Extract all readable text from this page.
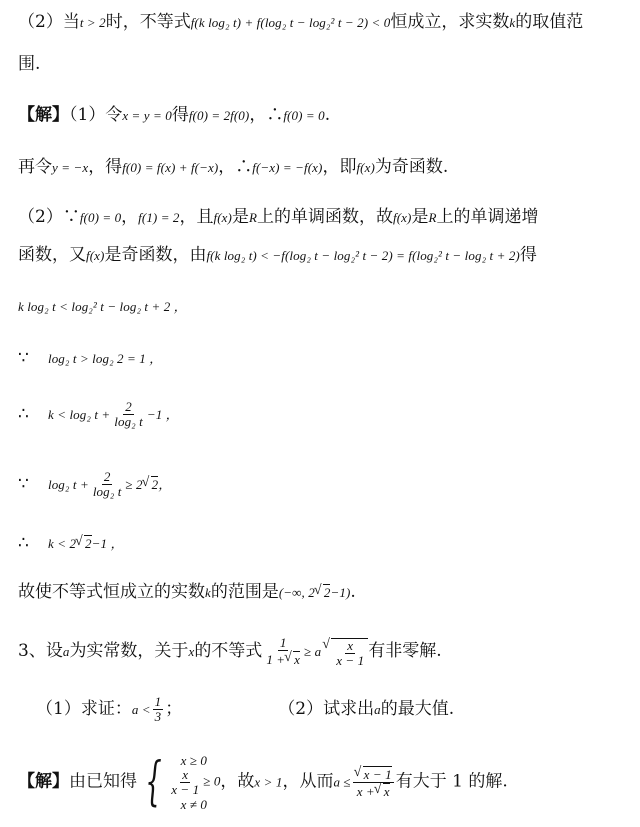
（2）当t > 2时，不等式f(k log₂ t) + f(log₂ t − log₂² t − 2) < 0恒成立，求实数k的取值范
围.
【解】（1）令x = y = 0得f(0) = 2f(0)，∴f(0) = 0.
再令y = −x，得f(0) = f(x) + f(−x)，∴f(−x) = −f(x)，即f(x)为奇函数.
（2）∵f(0) = 0，f(1) = 2，且f(x)是R上的单调函数，故f(x)是R上的单调递增
函数，又f(x)是奇函数，由f(k log₂ t) < −f(log₂ t − log₂² t − 2) = f(log₂² t − log₂ t + 2)得
k log₂ t < log₂² t − log₂ t + 2 ，
∵ log₂ t > log₂ 2 = 1 ，
∴ k < log₂ $t + \frac{2}{\text{log₂ t}} -1$ ，
∵ log₂ $t + \frac{2}{\text{log₂ t}} \ge 2√$ 2，
∴ k < 2√ 2−1 ，
故使不等式恒成立的实数k的范围是(−∞, 2√ 2−1).
3、设a为实常数，关于x的不等式 $\frac{1}{1 +√ x} \ge a$
√ $\frac{x}{x - 1}$ 有非零解.
（1）求证：$a < \frac{1}{3}$ ；	（2）试求出a的最大值.
【解】由已知得 { x ≥ 0
$\frac{x}{x - 1} \ge 0$
x ≠ 0
，故x > 1，从而a ≤
√ $\frac{x - 1}{x +√ x}$ 有大于 1 的解.
